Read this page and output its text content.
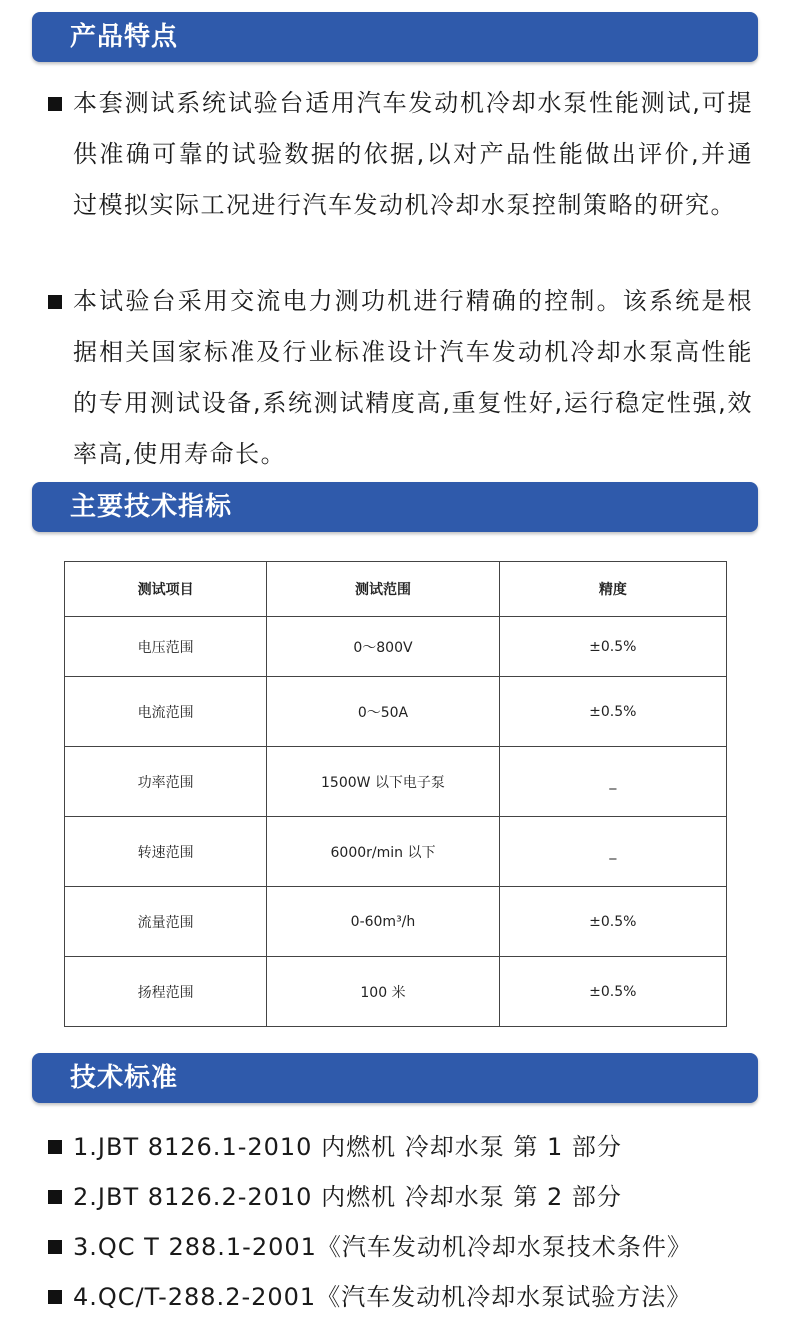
产品特点
本套测试系统试验台适用汽车发动机冷却水泵性能测试,可提供准确可靠的试验数据的依据,以对产品性能做出评价,并通过模拟实际工况进行汽车发动机冷却水泵控制策略的研究。
本试验台采用交流电力测功机进行精确的控制。该系统是根据相关国家标准及行业标准设计汽车发动机冷却水泵高性能的专用测试设备,系统测试精度高,重复性好,运行稳定性强,效率高,使用寿命长。
主要技术指标
测试项目	测试范围	精度
电压范围	0～800V	±0.5%
电流范围	0～50A	±0.5%
功率范围	1500W 以下电子泵	_
转速范围	6000r/min 以下	_
流量范围	0-60m³/h	±0.5%
扬程范围	100 米	±0.5%
技术标准
1.JBT 8126.1-2010 内燃机 冷却水泵 第 1 部分
2.JBT 8126.2-2010 内燃机 冷却水泵 第 2 部分
3.QC T 288.1-2001《汽车发动机冷却水泵技术条件》
4.QC/T-288.2-2001《汽车发动机冷却水泵试验方法》
